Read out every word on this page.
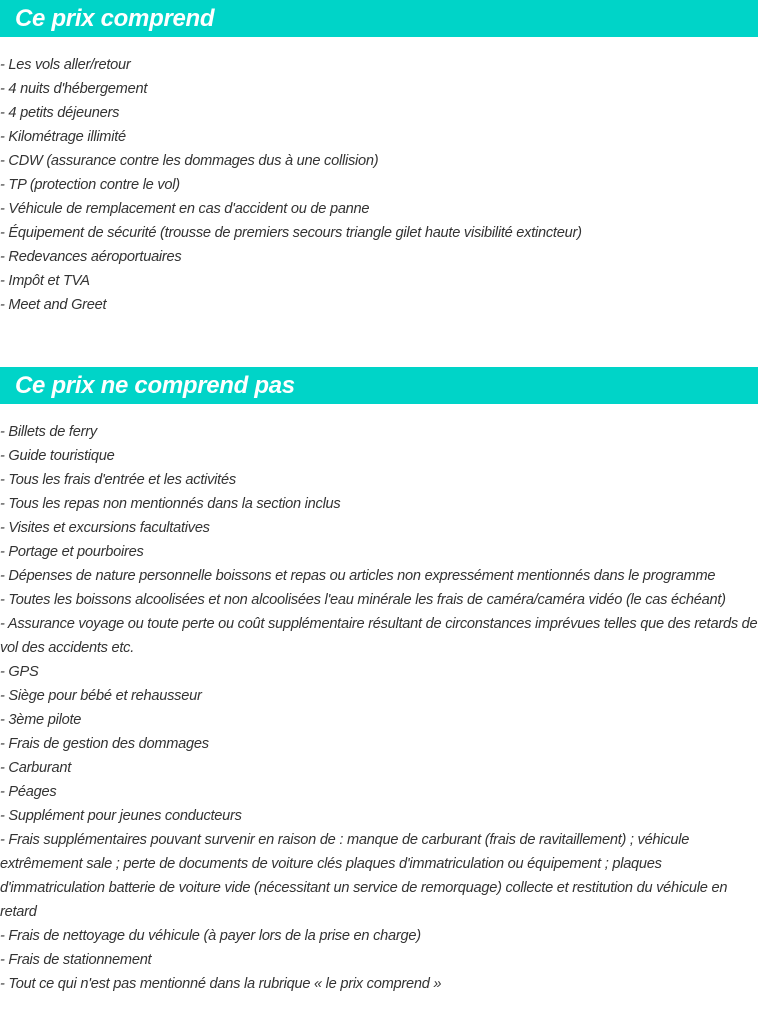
Ce prix comprend
- Les vols aller/retour
- 4 nuits d'hébergement
- 4 petits déjeuners
- Kilométrage illimité
- CDW (assurance contre les dommages dus à une collision)
- TP (protection contre le vol)
- Véhicule de remplacement en cas d'accident ou de panne
- Équipement de sécurité (trousse de premiers secours triangle gilet haute visibilité extincteur)
- Redevances aéroportuaires
- Impôt et TVA
- Meet and Greet
Ce prix ne comprend pas
- Billets de ferry
- Guide touristique
- Tous les frais d'entrée et les activités
- Tous les repas non mentionnés dans la section inclus
- Visites et excursions facultatives
- Portage et pourboires
- Dépenses de nature personnelle boissons et repas ou articles non expressément mentionnés dans le programme
- Toutes les boissons alcoolisées et non alcoolisées l'eau minérale les frais de caméra/caméra vidéo (le cas échéant)
- Assurance voyage ou toute perte ou coût supplémentaire résultant de circonstances imprévues telles que des retards de vol des accidents etc.
- GPS
- Siège pour bébé et rehausseur
- 3ème pilote
- Frais de gestion des dommages
- Carburant
- Péages
- Supplément pour jeunes conducteurs
- Frais supplémentaires pouvant survenir en raison de : manque de carburant (frais de ravitaillement) ; véhicule extrêmement sale ; perte de documents de voiture clés plaques d'immatriculation ou équipement ; plaques d'immatriculation batterie de voiture vide (nécessitant un service de remorquage) collecte et restitution du véhicule en retard
- Frais de nettoyage du véhicule (à payer lors de la prise en charge)
- Frais de stationnement
- Tout ce qui n'est pas mentionné dans la rubrique « le prix comprend »
